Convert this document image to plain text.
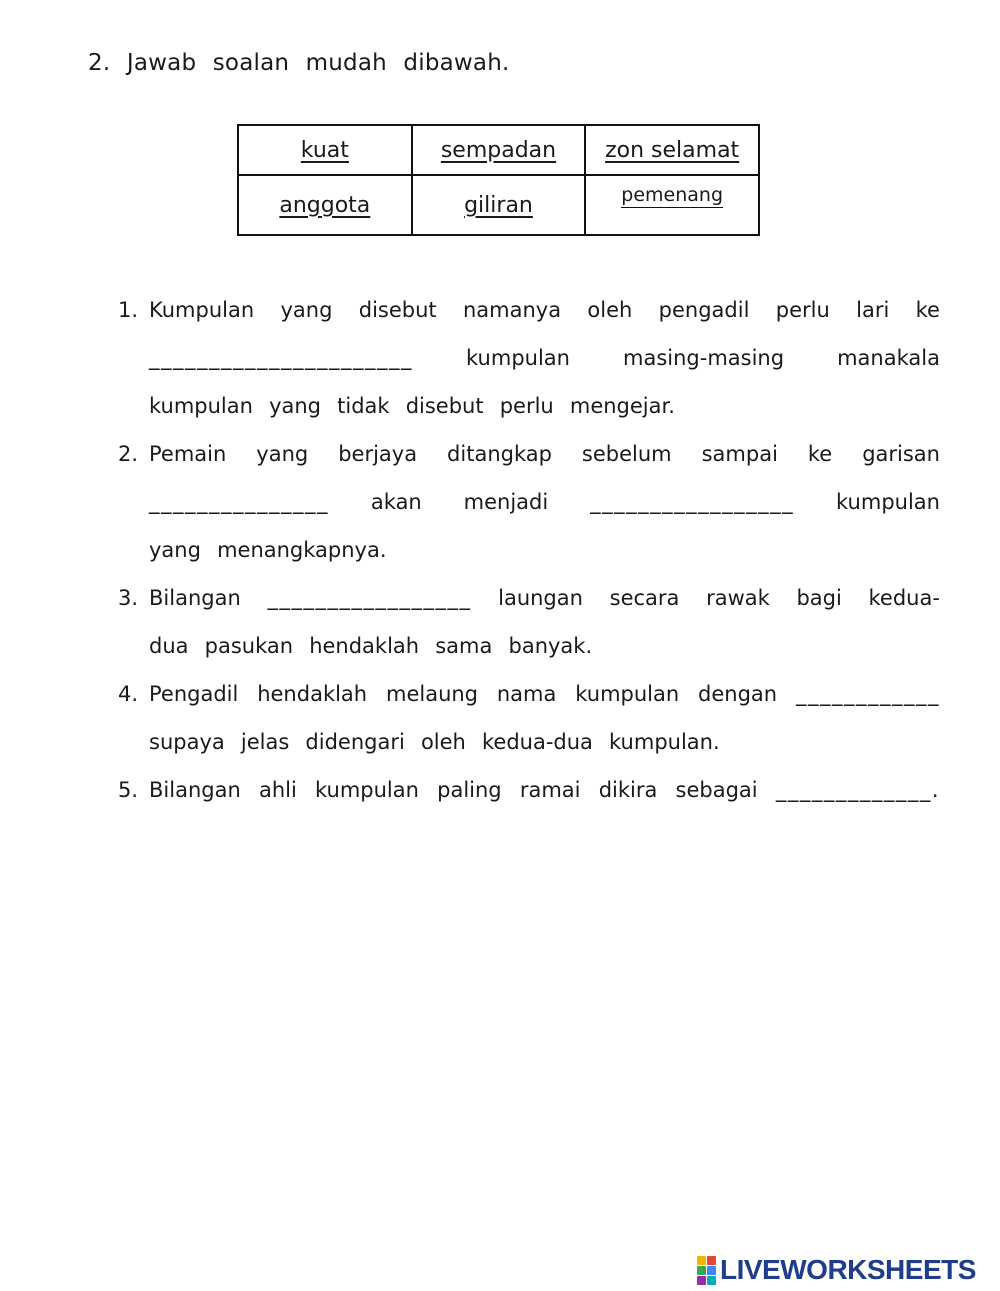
2. Jawab soalan mudah dibawah.
kuat	sempadan	zon selamat
anggota	giliran	pemenang
1. Kumpulan yang disebut namanya oleh pengadil perlu lari ke
______________________	kumpulan	masing-masing	manakala
kumpulan yang tidak disebut perlu mengejar.
2. Pemain yang berjaya ditangkap sebelum sampai ke garisan
_______________ akan menjadi _________________ kumpulan
yang menangkapnya.
3. Bilangan _________________ laungan secara rawak bagi kedua-
dua pasukan hendaklah sama banyak.
4. Pengadil hendaklah melaung nama kumpulan dengan ____________
supaya jelas didengari oleh kedua-dua kumpulan.
5. Bilangan ahli kumpulan paling ramai dikira sebagai _____________.
LIVEWORKSHEETS
